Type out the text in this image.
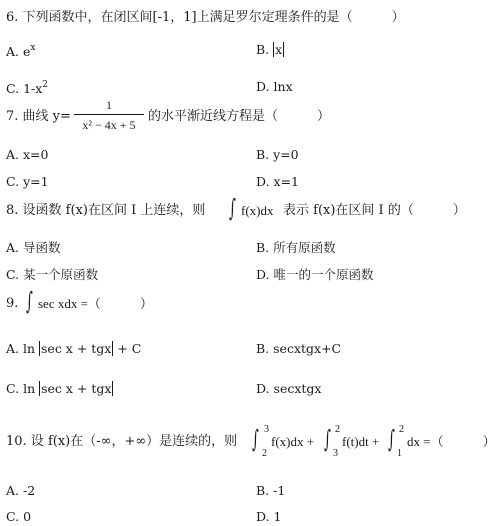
6. 下列函数中，在闭区间[-1，1]上满足罗尔定理条件的是（　　　）
A. $e^x$	B. x
C. $1-x^2$	D. lnx
7. 曲线 y=
1
x² − 4x + 5
的水平渐近线方程是（　　　）
A. x=0	B. y=0
C. y=1	D. x=1
8. 设函数 f(x)在区间 I 上连续，则 ∫ f(x)dx 表示 f(x)在区间 I 的（　　　）
A. 导函数	B. 所有原函数
C. 某一个原函数	D. 唯一的一个原函数
9. ∫ sec xdx =（　　　）
A. ln sec x + tgx + C	B. secxtgx+C
C. ln sec x + tgx	D. secxtgx
10. 设 f(x)在（-∞，+∞）是连续的，则 ∫ 3
2
f(x)dx + ∫ 2
3
f(t)dt + ∫ 2
1
dx =（　　　）
A. -2	B. -1
C. 0	D. 1
